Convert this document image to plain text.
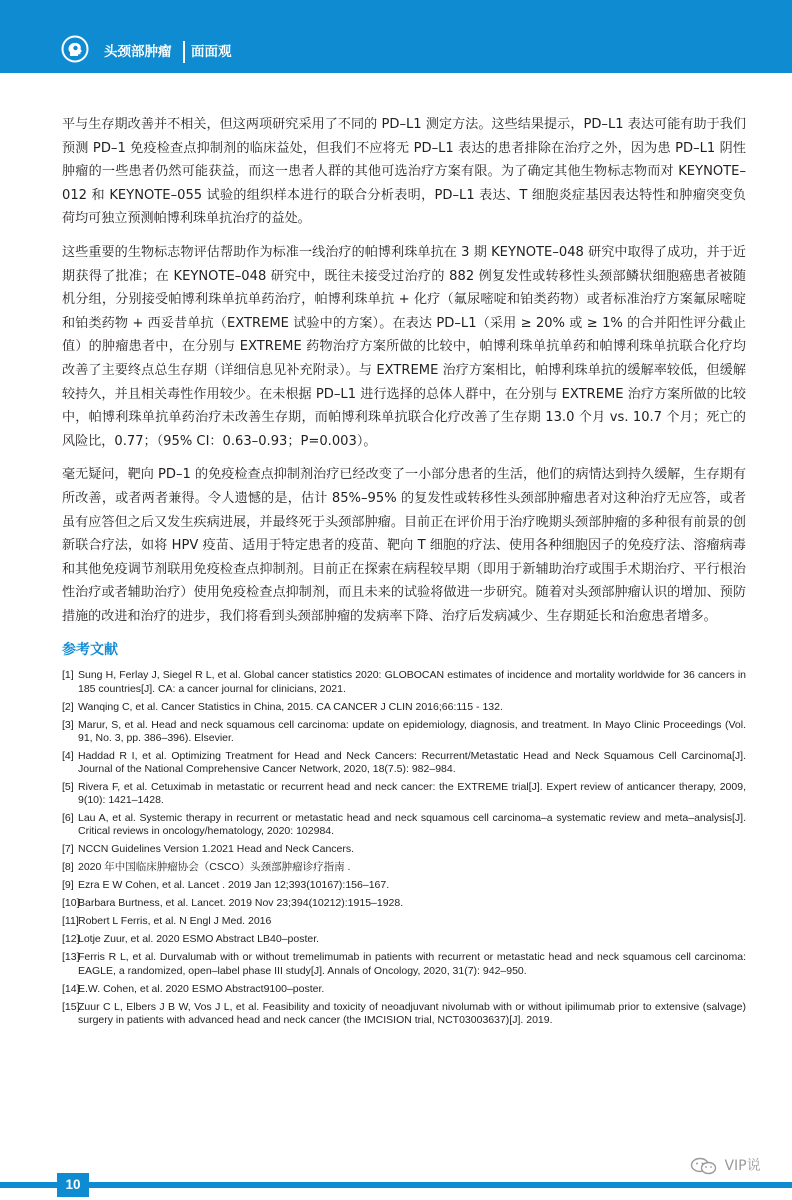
头颈部肿瘤 面面观

平与生存期改善并不相关，但这两项研究采用了不同的 PD–L1 测定方法。这些结果提示，PD–L1 表达可能有助于我们预测 PD–1 免疫检查点抑制剂的临床益处，但我们不应将无 PD–L1 表达的患者排除在治疗之外，因为患 PD–L1 阴性肿瘤的一些患者仍然可能获益，而这一患者人群的其他可选治疗方案有限。为了确定其他生物标志物而对 KEYNOTE–012 和 KEYNOTE–055 试验的组织样本进行的联合分析表明，PD–L1 表达、T 细胞炎症基因表达特性和肿瘤突变负荷均可独立预测帕博利珠单抗治疗的益处。

这些重要的生物标志物评估帮助作为标准一线治疗的帕博利珠单抗在 3 期 KEYNOTE–048 研究中取得了成功，并于近期获得了批准；在 KEYNOTE–048 研究中，既往未接受过治疗的 882 例复发性或转移性头颈部鳞状细胞癌患者被随机分组，分别接受帕博利珠单抗单药治疗，帕博利珠单抗 + 化疗（氟尿嘧啶和铂类药物）或者标准治疗方案氟尿嘧啶和铂类药物 + 西妥昔单抗（EXTREME 试验中的方案）。在表达 PD–L1（采用 ≥ 20% 或 ≥ 1% 的合并阳性评分截止值）的肿瘤患者中，在分别与 EXTREME 药物治疗方案所做的比较中，帕博利珠单抗单药和帕博利珠单抗联合化疗均改善了主要终点总生存期（详细信息见补充附录）。与 EXTREME 治疗方案相比，帕博利珠单抗的缓解率较低，但缓解较持久，并且相关毒性作用较少。在未根据 PD–L1 进行选择的总体人群中，在分别与 EXTREME 治疗方案所做的比较中，帕博利珠单抗单药治疗未改善生存期，而帕博利珠单抗联合化疗改善了生存期 13.0 个月 vs. 10.7 个月；死亡的风险比，0.77；（95% CI：0.63–0.93；P=0.003）。

毫无疑问，靶向 PD–1 的免疫检查点抑制剂治疗已经改变了一小部分患者的生活，他们的病情达到持久缓解，生存期有所改善，或者两者兼得。令人遗憾的是，估计 85%–95% 的复发性或转移性头颈部肿瘤患者对这种治疗无应答，或者虽有应答但之后又发生疾病进展，并最终死于头颈部肿瘤。目前正在评价用于治疗晚期头颈部肿瘤的多种很有前景的创新联合疗法，如将 HPV 疫苗、适用于特定患者的疫苗、靶向 T 细胞的疗法、使用各种细胞因子的免疫疗法、溶瘤病毒和其他免疫调节剂联用免疫检查点抑制剂。目前正在探索在病程较早期（即用于新辅助治疗或围手术期治疗、平行根治性治疗或者辅助治疗）使用免疫检查点抑制剂，而且未来的试验将做进一步研究。随着对头颈部肿瘤认识的增加、预防措施的改进和治疗的进步，我们将看到头颈部肿瘤的发病率下降、治疗后发病减少、生存期延长和治愈患者增多。

参考文献
[1] Sung H, Ferlay J, Siegel R L, et al. Global cancer statistics 2020: GLOBOCAN estimates of incidence and mortality worldwide for 36 cancers in 185 countries[J]. CA: a cancer journal for clinicians, 2021.
[2] Wanqing C, et al. Cancer Statistics in China, 2015. CA CANCER J CLIN 2016;66:115 - 132.
[3] Marur, S, et al. Head and neck squamous cell carcinoma: update on epidemiology, diagnosis, and treatment. In Mayo Clinic Proceedings (Vol. 91, No. 3, pp. 386–396). Elsevier.
[4] Haddad R I, et al. Optimizing Treatment for Head and Neck Cancers: Recurrent/Metastatic Head and Neck Squamous Cell Carcinoma[J]. Journal of the National Comprehensive Cancer Network, 2020, 18(7.5): 982–984.
[5] Rivera F, et al. Cetuximab in metastatic or recurrent head and neck cancer: the EXTREME trial[J]. Expert review of anticancer therapy, 2009, 9(10): 1421–1428.
[6] Lau A, et al. Systemic therapy in recurrent or metastatic head and neck squamous cell carcinoma–a systematic review and meta–analysis[J]. Critical reviews in oncology/hematology, 2020: 102984.
[7] NCCN Guidelines Version 1.2021 Head and Neck Cancers.
[8] 2020 年中国临床肿瘤协会（CSCO）头颈部肿瘤诊疗指南 .
[9] Ezra E W Cohen, et al. Lancet . 2019 Jan 12;393(10167):156–167.
[10]
Barbara Burtness, et al. Lancet. 2019 Nov 23;394(10212):1915–1928.
[11] Robert L Ferris, et al. N Engl J Med. 2016
[12]
Lotje Zuur, et al. 2020 ESMO Abstract LB40–poster.
[13]
Ferris R L, et al. Durvalumab with or without tremelimumab in patients with recurrent or metastatic head and neck squamous cell carcinoma: EAGLE, a randomized, open–label phase III study[J]. Annals of Oncology, 2020, 31(7): 942–950.
[14]
E.W. Cohen, et al. 2020 ESMO Abstract9100–poster.
[15]
Zuur C L, Elbers J B W, Vos J L, et al. Feasibility and toxicity of neoadjuvant nivolumab with or without ipilimumab prior to extensive (salvage) surgery in patients with advanced head and neck cancer (the IMCISION trial, NCT03003637)[J]. 2019.
VIP说
10
